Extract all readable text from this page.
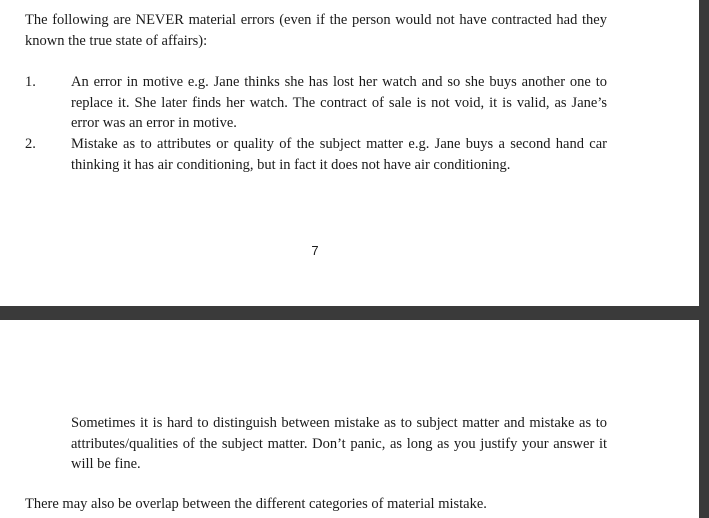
The following are NEVER material errors (even if the person would not have contracted had they known the true state of affairs):
1. An error in motive e.g. Jane thinks she has lost her watch and so she buys another one to replace it. She later finds her watch. The contract of sale is not void, it is valid, as Jane’s error was an error in motive.
2. Mistake as to attributes or quality of the subject matter e.g. Jane buys a second hand car thinking it has air conditioning, but in fact it does not have air conditioning.
7
Sometimes it is hard to distinguish between mistake as to subject matter and mistake as to attributes/qualities of the subject matter. Don’t panic, as long as you justify your answer it will be fine.
There may also be overlap between the different categories of material mistake.
